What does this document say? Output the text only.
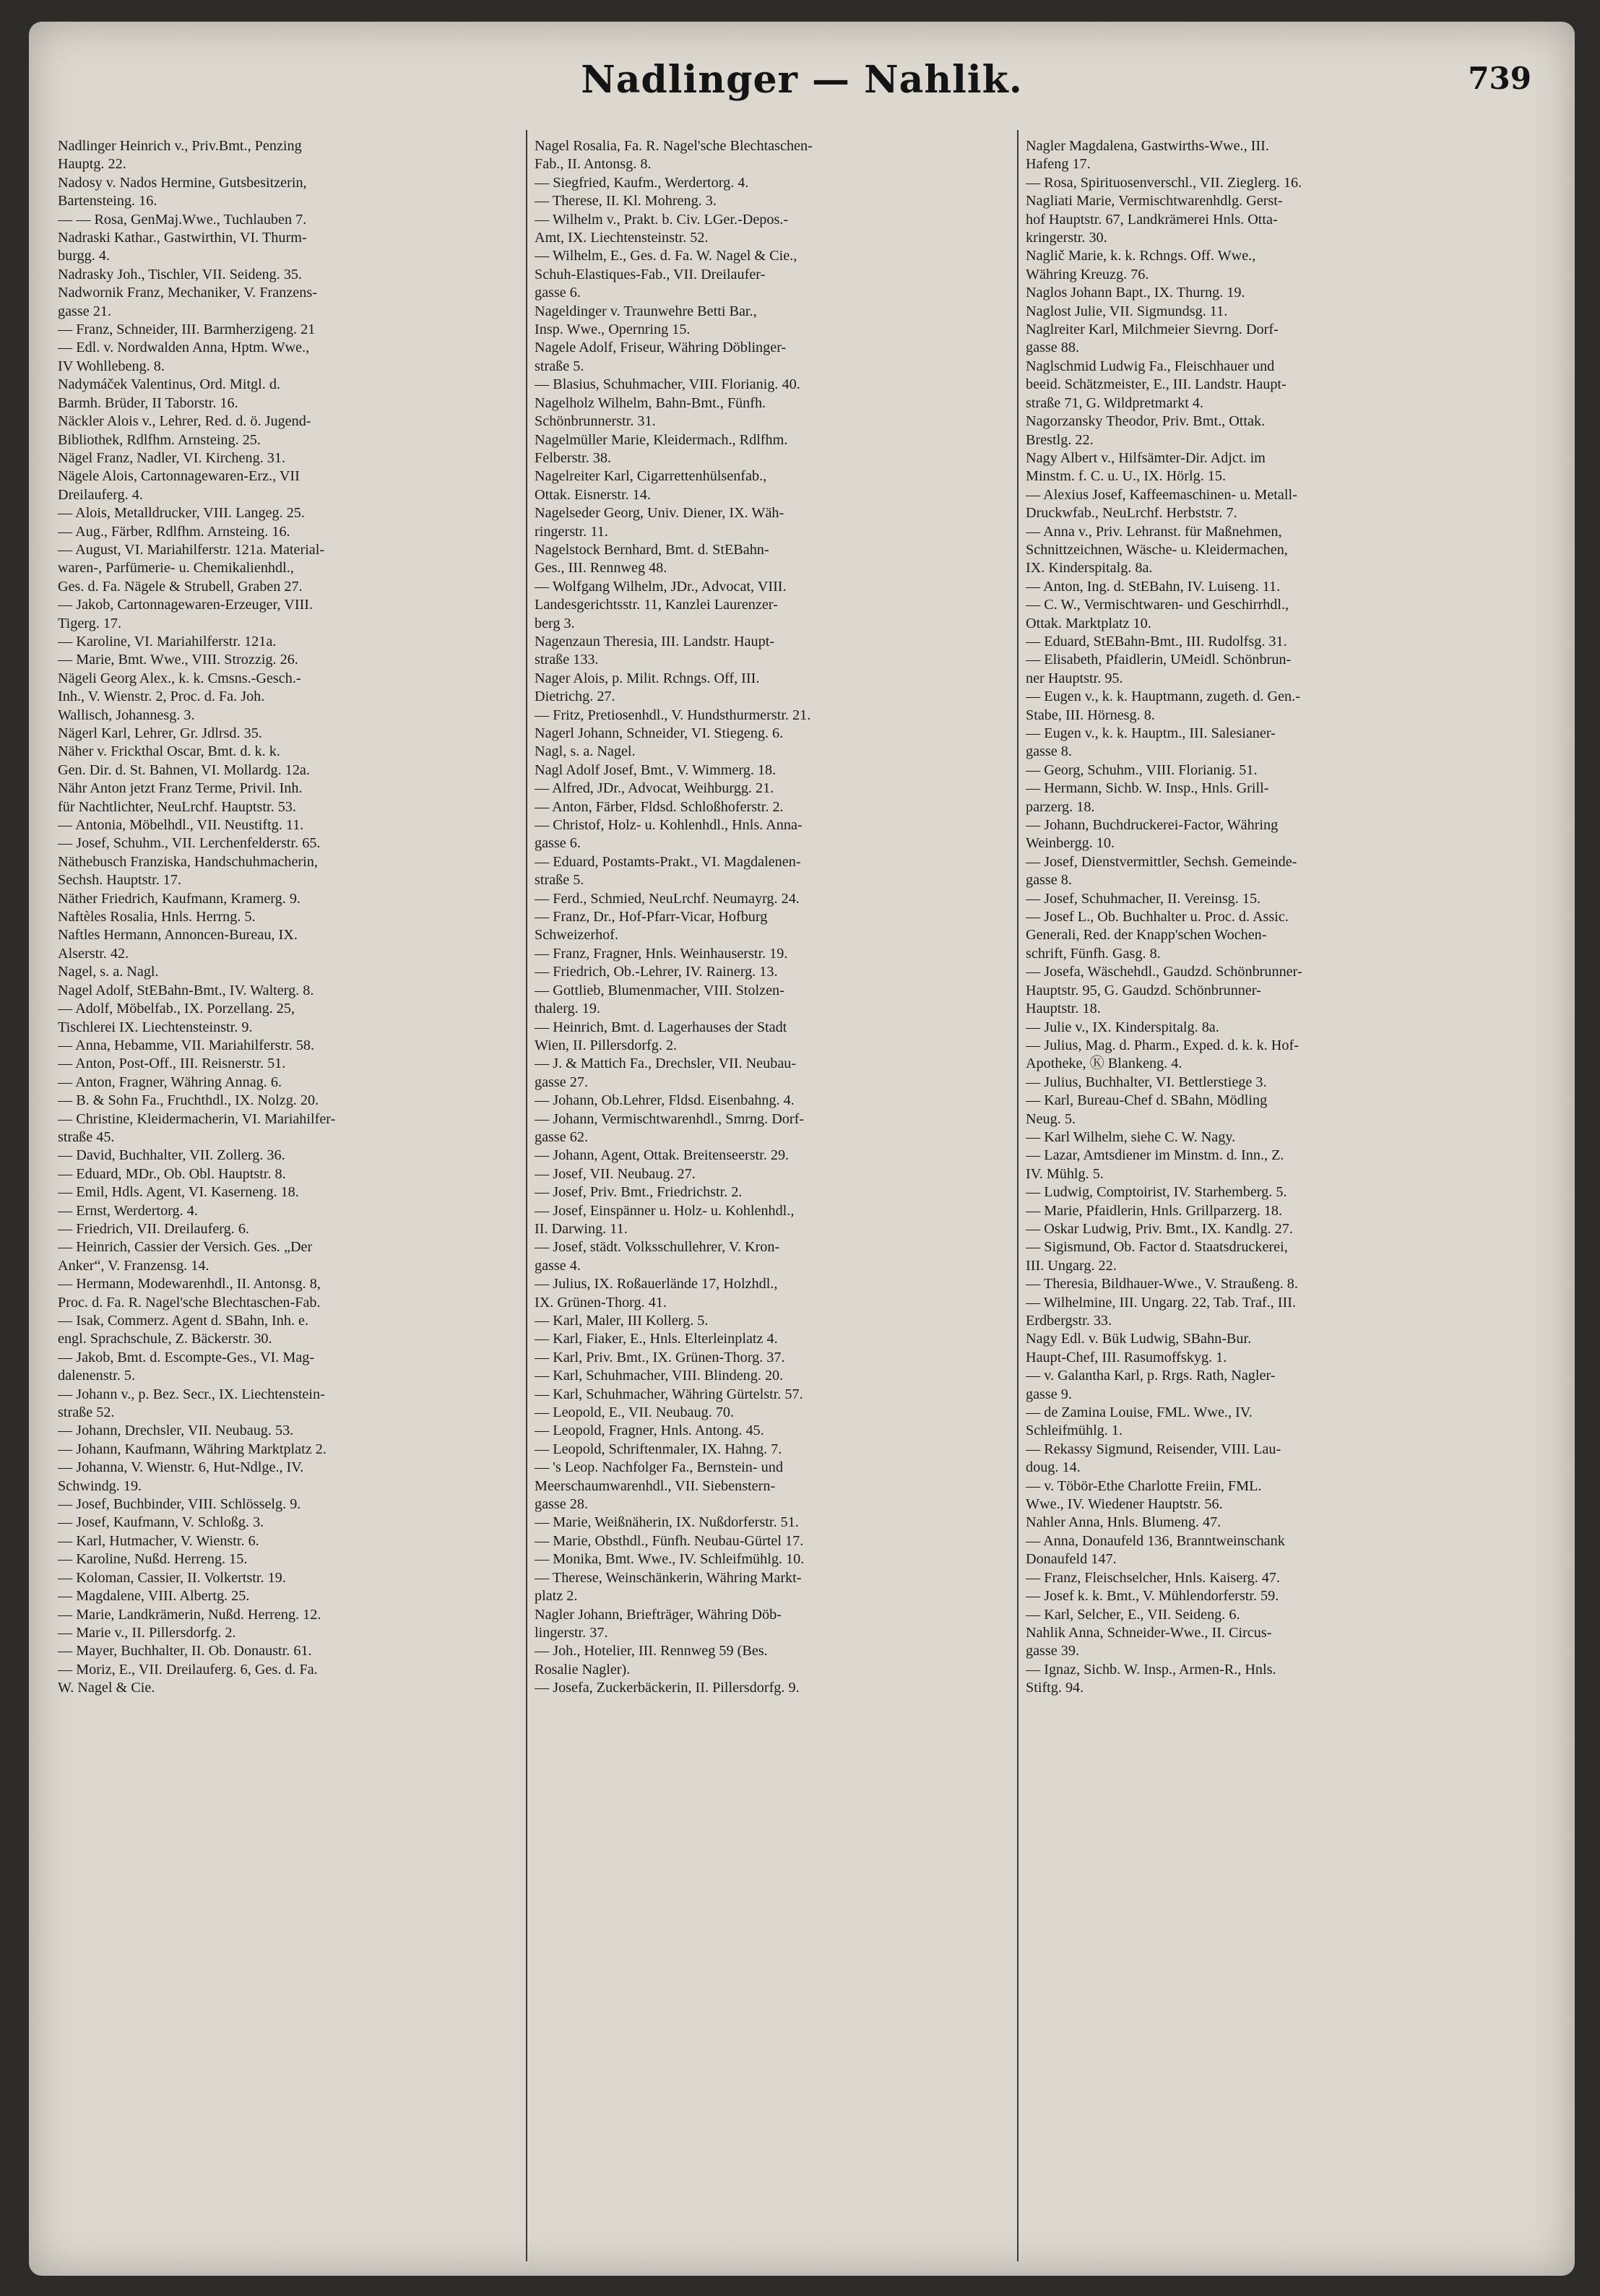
Nadlinger — Nahlik.	739
Nadlinger Heinrich v., Priv.Bmt., Penzing
Hauptg. 22.
Nadosy v. Nados Hermine, Gutsbesitzerin,
Bartensteing. 16.
— — Rosa, GenMaj.Wwe., Tuchlauben 7.
Nadraski Kathar., Gastwirthin, VI. Thurm-
burgg. 4.
Nadrasky Joh., Tischler, VII. Seideng. 35.
Nadwornik Franz, Mechaniker, V. Franzens-
gasse 21.
— Franz, Schneider, III. Barmherzigeng. 21
— Edl. v. Nordwalden Anna, Hptm. Wwe.,
IV Wohllebeng. 8.
Nadymáček Valentinus, Ord. Mitgl. d.
Barmh. Brüder, II Taborstr. 16.
Näckler Alois v., Lehrer, Red. d. ö. Jugend-
Bibliothek, Rdlfhm. Arnsteing. 25.
Nägel Franz, Nadler, VI. Kircheng. 31.
Nägele Alois, Cartonnagewaren-Erz., VII
Dreilauferg. 4.
— Alois, Metalldrucker, VIII. Langeg. 25.
— Aug., Färber, Rdlfhm. Arnsteing. 16.
— August, VI. Mariahilferstr. 121a. Material-
waren-, Parfümerie- u. Chemikalienhdl.,
Ges. d. Fa. Nägele & Strubell, Graben 27.
— Jakob, Cartonnagewaren-Erzeuger, VIII.
Tigerg. 17.
— Karoline, VI. Mariahilferstr. 121a.
— Marie, Bmt. Wwe., VIII. Strozzig. 26.
Nägeli Georg Alex., k. k. Cmsns.-Gesch.-
Inh., V. Wienstr. 2, Proc. d. Fa. Joh.
Wallisch, Johannesg. 3.
Nägerl Karl, Lehrer, Gr. Jdlrsd. 35.
Näher v. Frickthal Oscar, Bmt. d. k. k.
Gen. Dir. d. St. Bahnen, VI. Mollardg. 12a.
Nähr Anton jetzt Franz Terme, Privil. Inh.
für Nachtlichter, NeuLrchf. Hauptstr. 53.
— Antonia, Möbelhdl., VII. Neustiftg. 11.
— Josef, Schuhm., VII. Lerchenfelderstr. 65.
Näthebusch Franziska, Handschuhmacherin,
Sechsh. Hauptstr. 17.
Näther Friedrich, Kaufmann, Kramerg. 9.
Naftèles Rosalia, Hnls. Herrng. 5.
Naftles Hermann, Annoncen-Bureau, IX.
Alserstr. 42.
Nagel, s. a. Nagl.
Nagel Adolf, StEBahn-Bmt., IV. Walterg. 8.
— Adolf, Möbelfab., IX. Porzellang. 25,
Tischlerei IX. Liechtensteinstr. 9.
— Anna, Hebamme, VII. Mariahilferstr. 58.
— Anton, Post-Off., III. Reisnerstr. 51.
— Anton, Fragner, Währing Annag. 6.
— B. & Sohn Fa., Fruchthdl., IX. Nolzg. 20.
— Christine, Kleidermacherin, VI. Mariahilfer-
straße 45.
— David, Buchhalter, VII. Zollerg. 36.
— Eduard, MDr., Ob. Obl. Hauptstr. 8.
— Emil, Hdls. Agent, VI. Kaserneng. 18.
— Ernst, Werdertorg. 4.
— Friedrich, VII. Dreilauferg. 6.
— Heinrich, Cassier der Versich. Ges. „Der
Anker“, V. Franzensg. 14.
— Hermann, Modewarenhdl., II. Antonsg. 8,
Proc. d. Fa. R. Nagel'sche Blechtaschen-Fab.
— Isak, Commerz. Agent d. SBahn, Inh. e.
engl. Sprachschule, Z. Bäckerstr. 30.
— Jakob, Bmt. d. Escompte-Ges., VI. Mag-
dalenenstr. 5.
— Johann v., p. Bez. Secr., IX. Liechtenstein-
straße 52.
— Johann, Drechsler, VII. Neubaug. 53.
— Johann, Kaufmann, Währing Marktplatz 2.
— Johanna, V. Wienstr. 6, Hut-Ndlge., IV.
Schwindg. 19.
— Josef, Buchbinder, VIII. Schlösselg. 9.
— Josef, Kaufmann, V. Schloßg. 3.
— Karl, Hutmacher, V. Wienstr. 6.
— Karoline, Nußd. Herreng. 15.
— Koloman, Cassier, II. Volkertstr. 19.
— Magdalene, VIII. Albertg. 25.
— Marie, Landkrämerin, Nußd. Herreng. 12.
— Marie v., II. Pillersdorfg. 2.
— Mayer, Buchhalter, II. Ob. Donaustr. 61.
— Moriz, E., VII. Dreilauferg. 6, Ges. d. Fa.
W. Nagel & Cie.
Nagel Rosalia, Fa. R. Nagel'sche Blechtaschen-
Fab., II. Antonsg. 8.
— Siegfried, Kaufm., Werdertorg. 4.
— Therese, II. Kl. Mohreng. 3.
— Wilhelm v., Prakt. b. Civ. LGer.-Depos.-
Amt, IX. Liechtensteinstr. 52.
— Wilhelm, E., Ges. d. Fa. W. Nagel & Cie.,
Schuh-Elastiques-Fab., VII. Dreilaufer-
gasse 6.
Nageldinger v. Traunwehre Betti Bar.,
Insp. Wwe., Opernring 15.
Nagele Adolf, Friseur, Währing Döblinger-
straße 5.
— Blasius, Schuhmacher, VIII. Florianig. 40.
Nagelholz Wilhelm, Bahn-Bmt., Fünfh.
Schönbrunnerstr. 31.
Nagelmüller Marie, Kleidermach., Rdlfhm.
Felberstr. 38.
Nagelreiter Karl, Cigarrettenhülsenfab.,
Ottak. Eisnerstr. 14.
Nagelseder Georg, Univ. Diener, IX. Wäh-
ringerstr. 11.
Nagelstock Bernhard, Bmt. d. StEBahn-
Ges., III. Rennweg 48.
— Wolfgang Wilhelm, JDr., Advocat, VIII.
Landesgerichtsstr. 11, Kanzlei Laurenzer-
berg 3.
Nagenzaun Theresia, III. Landstr. Haupt-
straße 133.
Nager Alois, p. Milit. Rchngs. Off, III.
Dietrichg. 27.
— Fritz, Pretiosenhdl., V. Hundsthurmerstr. 21.
Nagerl Johann, Schneider, VI. Stiegeng. 6.
Nagl, s. a. Nagel.
Nagl Adolf Josef, Bmt., V. Wimmerg. 18.
— Alfred, JDr., Advocat, Weihburgg. 21.
— Anton, Färber, Fldsd. Schloßhoferstr. 2.
— Christof, Holz- u. Kohlenhdl., Hnls. Anna-
gasse 6.
— Eduard, Postamts-Prakt., VI. Magdalenen-
straße 5.
— Ferd., Schmied, NeuLrchf. Neumayrg. 24.
— Franz, Dr., Hof-Pfarr-Vicar, Hofburg
Schweizerhof.
— Franz, Fragner, Hnls. Weinhauserstr. 19.
— Friedrich, Ob.-Lehrer, IV. Rainerg. 13.
— Gottlieb, Blumenmacher, VIII. Stolzen-
thalerg. 19.
— Heinrich, Bmt. d. Lagerhauses der Stadt
Wien, II. Pillersdorfg. 2.
— J. & Mattich Fa., Drechsler, VII. Neubau-
gasse 27.
— Johann, Ob.Lehrer, Fldsd. Eisenbahng. 4.
— Johann, Vermischtwarenhdl., Smrng. Dorf-
gasse 62.
— Johann, Agent, Ottak. Breitenseerstr. 29.
— Josef, VII. Neubaug. 27.
— Josef, Priv. Bmt., Friedrichstr. 2.
— Josef, Einspänner u. Holz- u. Kohlenhdl.,
II. Darwing. 11.
— Josef, städt. Volksschullehrer, V. Kron-
gasse 4.
— Julius, IX. Roßauerlände 17, Holzhdl.,
IX. Grünen-Thorg. 41.
— Karl, Maler, III Kollerg. 5.
— Karl, Fiaker, E., Hnls. Elterleinplatz 4.
— Karl, Priv. Bmt., IX. Grünen-Thorg. 37.
— Karl, Schuhmacher, VIII. Blindeng. 20.
— Karl, Schuhmacher, Währing Gürtelstr. 57.
— Leopold, E., VII. Neubaug. 70.
— Leopold, Fragner, Hnls. Antong. 45.
— Leopold, Schriftenmaler, IX. Hahng. 7.
— 's Leop. Nachfolger Fa., Bernstein- und
Meerschaumwarenhdl., VII. Siebenstern-
gasse 28.
— Marie, Weißnäherin, IX. Nußdorferstr. 51.
— Marie, Obsthdl., Fünfh. Neubau-Gürtel 17.
— Monika, Bmt. Wwe., IV. Schleifmühlg. 10.
— Therese, Weinschänkerin, Währing Markt-
platz 2.
Nagler Johann, Briefträger, Währing Döb-
lingerstr. 37.
— Joh., Hotelier, III. Rennweg 59 (Bes.
Rosalie Nagler).
— Josefa, Zuckerbäckerin, II. Pillersdorfg. 9.
Nagler Magdalena, Gastwirths-Wwe., III.
Hafeng 17.
— Rosa, Spirituosenverschl., VII. Zieglerg. 16.
Nagliati Marie, Vermischtwarenhdlg. Gerst-
hof Hauptstr. 67, Landkrämerei Hnls. Otta-
kringerstr. 30.
Naglič Marie, k. k. Rchngs. Off. Wwe.,
Währing Kreuzg. 76.
Naglos Johann Bapt., IX. Thurng. 19.
Naglost Julie, VII. Sigmundsg. 11.
Naglreiter Karl, Milchmeier Sievrng. Dorf-
gasse 88.
Naglschmid Ludwig Fa., Fleischhauer und
beeid. Schätzmeister, E., III. Landstr. Haupt-
straße 71, G. Wildpretmarkt 4.
Nagorzansky Theodor, Priv. Bmt., Ottak.
Brestlg. 22.
Nagy Albert v., Hilfsämter-Dir. Adjct. im
Minstm. f. C. u. U., IX. Hörlg. 15.
— Alexius Josef, Kaffeemaschinen- u. Metall-
Druckwfab., NeuLrchf. Herbststr. 7.
— Anna v., Priv. Lehranst. für Maßnehmen,
Schnittzeichnen, Wäsche- u. Kleidermachen,
IX. Kinderspitalg. 8a.
— Anton, Ing. d. StEBahn, IV. Luiseng. 11.
— C. W., Vermischtwaren- und Geschirrhdl.,
Ottak. Marktplatz 10.
— Eduard, StEBahn-Bmt., III. Rudolfsg. 31.
— Elisabeth, Pfaidlerin, UMeidl. Schönbrun-
ner Hauptstr. 95.
— Eugen v., k. k. Hauptmann, zugeth. d. Gen.-
Stabe, III. Hörnesg. 8.
— Eugen v., k. k. Hauptm., III. Salesianer-
gasse 8.
— Georg, Schuhm., VIII. Florianig. 51.
— Hermann, Sichb. W. Insp., Hnls. Grill-
parzerg. 18.
— Johann, Buchdruckerei-Factor, Währing
Weinbergg. 10.
— Josef, Dienstvermittler, Sechsh. Gemeinde-
gasse 8.
— Josef, Schuhmacher, II. Vereinsg. 15.
— Josef L., Ob. Buchhalter u. Proc. d. Assic.
Generali, Red. der Knapp'schen Wochen-
schrift, Fünfh. Gasg. 8.
— Josefa, Wäschehdl., Gaudzd. Schönbrunner-
Hauptstr. 95, G. Gaudzd. Schönbrunner-
Hauptstr. 18.
— Julie v., IX. Kinderspitalg. 8a.
— Julius, Mag. d. Pharm., Exped. d. k. k. Hof-
Apotheke, Ⓚ Blankeng. 4.
— Julius, Buchhalter, VI. Bettlerstiege 3.
— Karl, Bureau-Chef d. SBahn, Mödling
Neug. 5.
— Karl Wilhelm, siehe C. W. Nagy.
— Lazar, Amtsdiener im Minstm. d. Inn., Z.
IV. Mühlg. 5.
— Ludwig, Comptoirist, IV. Starhemberg. 5.
— Marie, Pfaidlerin, Hnls. Grillparzerg. 18.
— Oskar Ludwig, Priv. Bmt., IX. Kandlg. 27.
— Sigismund, Ob. Factor d. Staatsdruckerei,
III. Ungarg. 22.
— Theresia, Bildhauer-Wwe., V. Straußeng. 8.
— Wilhelmine, III. Ungarg. 22, Tab. Traf., III.
Erdbergstr. 33.
Nagy Edl. v. Bük Ludwig, SBahn-Bur.
Haupt-Chef, III. Rasumoffskyg. 1.
— v. Galantha Karl, p. Rrgs. Rath, Nagler-
gasse 9.
— de Zamina Louise, FML. Wwe., IV.
Schleifmühlg. 1.
— Rekassy Sigmund, Reisender, VIII. Lau-
doug. 14.
— v. Töbör-Ethe Charlotte Freiin, FML.
Wwe., IV. Wiedener Hauptstr. 56.
Nahler Anna, Hnls. Blumeng. 47.
— Anna, Donaufeld 136, Branntweinschank
Donaufeld 147.
— Franz, Fleischselcher, Hnls. Kaiserg. 47.
— Josef k. k. Bmt., V. Mühlendorferstr. 59.
— Karl, Selcher, E., VII. Seideng. 6.
Nahlik Anna, Schneider-Wwe., II. Circus-
gasse 39.
— Ignaz, Sichb. W. Insp., Armen-R., Hnls.
Stiftg. 94.
